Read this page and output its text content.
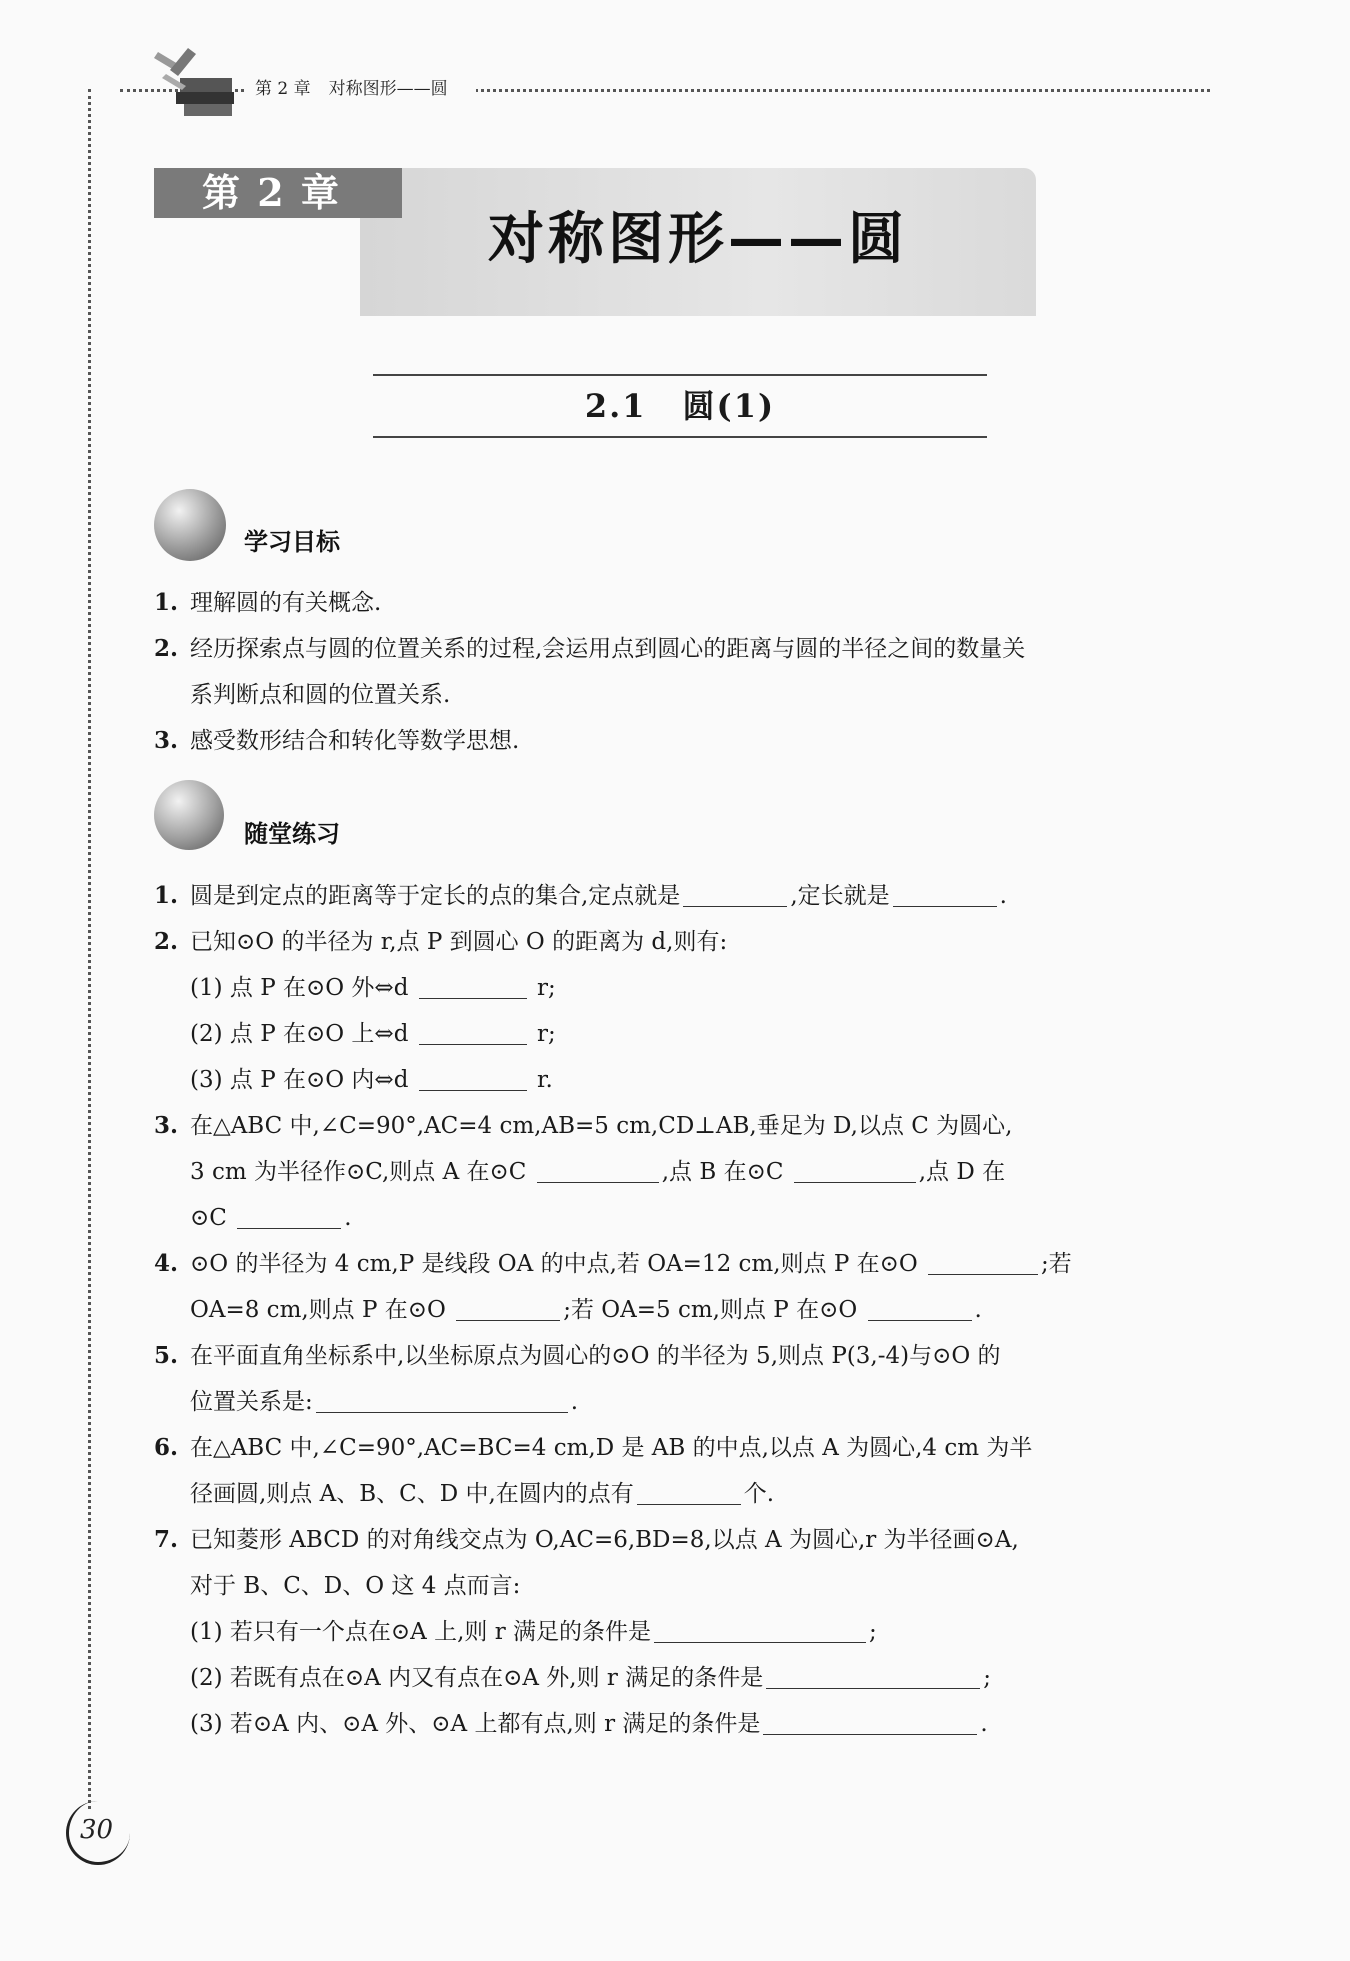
第 2 章 对称图形——圆
第 2 章
对称图形——圆
2.1 圆(1)
学习目标
1. 理解圆的有关概念.
2. 经历探索点与圆的位置关系的过程,会运用点到圆心的距离与圆的半径之间的数量关
系判断点和圆的位置关系.
3. 感受数形结合和转化等数学思想.
随堂练习
1. 圆是到定点的距离等于定长的点的集合,定点就是	,定长就是	.
2. 已知⊙O 的半径为 r,点 P 到圆心 O 的距离为 d,则有:
(1) 点 P 在⊙O 外⇔d	r;
(2) 点 P 在⊙O 上⇔d	r;
(3) 点 P 在⊙O 内⇔d	r.
3. 在△ABC 中,∠C=90°,AC=4 cm,AB=5 cm,CD⊥AB,垂足为 D,以点 C 为圆心,
3 cm 为半径作⊙C,则点 A 在⊙C	,点 B 在⊙C	,点 D 在
⊙C	.
4. ⊙O 的半径为 4 cm,P 是线段 OA 的中点,若 OA=12 cm,则点 P 在⊙O	;若
OA=8 cm,则点 P 在⊙O	;若 OA=5 cm,则点 P 在⊙O	.
5. 在平面直角坐标系中,以坐标原点为圆心的⊙O 的半径为 5,则点 P(3,-4)与⊙O 的
位置关系是:	.
6. 在△ABC 中,∠C=90°,AC=BC=4 cm,D 是 AB 的中点,以点 A 为圆心,4 cm 为半
径画圆,则点 A、B、C、D 中,在圆内的点有	个.
7. 已知菱形 ABCD 的对角线交点为 O,AC=6,BD=8,以点 A 为圆心,r 为半径画⊙A,
对于 B、C、D、O 这 4 点而言:
(1) 若只有一个点在⊙A 上,则 r 满足的条件是	;
(2) 若既有点在⊙A 内又有点在⊙A 外,则 r 满足的条件是	;
(3) 若⊙A 内、⊙A 外、⊙A 上都有点,则 r 满足的条件是	.
30
